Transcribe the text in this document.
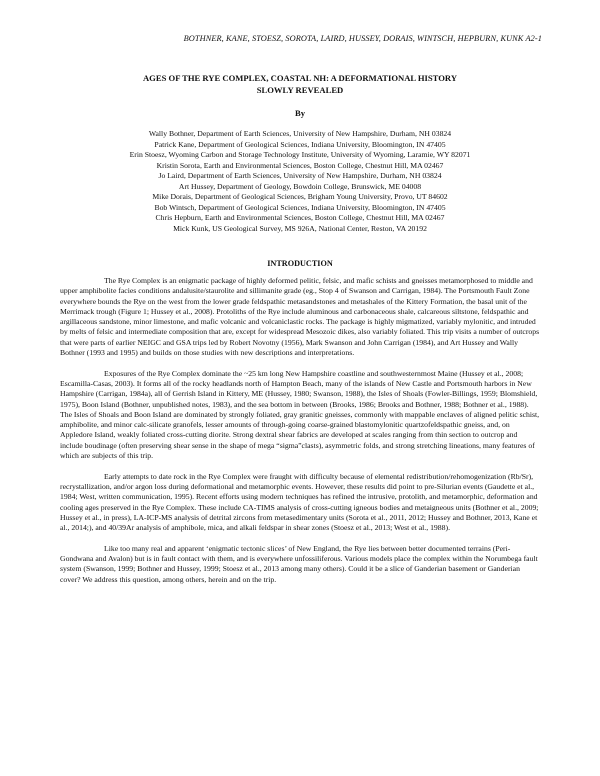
BOTHNER, KANE, STOESZ, SOROTA, LAIRD, HUSSEY, DORAIS, WINTSCH, HEPBURN, KUNK A2-1
AGES OF THE RYE COMPLEX, COASTAL NH: A DEFORMATIONAL HISTORY
SLOWLY REVEALED
By
Wally Bothner, Department of Earth Sciences, University of New Hampshire, Durham, NH 03824
Patrick Kane, Department of Geological Sciences, Indiana University, Bloomington, IN 47405
Erin Stoesz, Wyoming Carbon and Storage Technology Institute, University of Wyoming, Laramie, WY 82071
Kristin Sorota, Earth and Environmental Sciences, Boston College, Chestnut Hill, MA 02467
Jo Laird, Department of Earth Sciences, University of New Hampshire, Durham, NH 03824
Art Hussey, Department of Geology, Bowdoin College, Brunswick, ME 04008
Mike Dorais, Department of Geological Sciences, Brigham Young University, Provo, UT 84602
Bob Wintsch, Department of Geological Sciences, Indiana University, Bloomington, IN 47405
Chris Hepburn, Earth and Environmental Sciences, Boston College, Chestnut Hill, MA 02467
Mick Kunk, US Geological Survey, MS 926A, National Center, Reston, VA 20192
INTRODUCTION

The Rye Complex is an enigmatic package of highly deformed pelitic, felsic, and mafic schists and gneisses metamorphosed to middle and upper amphibolite facies conditions andalusite/staurolite and sillimanite grade (eg., Stop 4 of Swanson and Carrigan, 1984). The Portsmouth Fault Zone everywhere bounds the Rye on the west from the lower grade feldspathic metasandstones and metashales of the Kittery Formation, the basal unit of the Merrimack trough (Figure 1; Hussey et al., 2008). Protoliths of the Rye include aluminous and carbonaceous shale, calcareous siltstone, feldspathic and argillaceous sandstone, minor limestone, and mafic volcanic and volcaniclastic rocks. The package is highly migmatized, variably mylonitic, and intruded by melts of felsic and intermediate composition that are, except for widespread Mesozoic dikes, also variably foliated. This trip visits a number of outcrops that were parts of earlier NEIGC and GSA trips led by Robert Novotny (1956), Mark Swanson and John Carrigan (1984), and Art Hussey and Wally Bothner (1993 and 1995) and builds on those studies with new descriptions and interpretations.

Exposures of the Rye Complex dominate the ~25 km long New Hampshire coastline and southwesternmost Maine (Hussey et al., 2008; Escamilla-Casas, 2003). It forms all of the rocky headlands north of Hampton Beach, many of the islands of New Castle and Portsmouth harbors in New Hampshire (Carrigan, 1984a), all of Gerrish Island in Kittery, ME (Hussey, 1980; Swanson, 1988), the Isles of Shoals (Fowler-Billings, 1959; Blomshield, 1975), Boon Island (Bothner, unpublished notes, 1983), and the sea bottom in between (Brooks, 1986; Brooks and Bothner, 1988; Bothner et al., 1988). The Isles of Shoals and Boon Island are dominated by strongly foliated, gray granitic gneisses, commonly with mappable enclaves of aligned pelitic schist, amphibolite, and minor calc-silicate granofels, lesser amounts of through-going coarse-grained blastomylonitic quartzofeldspathic gneiss, and, on Appledore Island, weakly foliated cross-cutting diorite. Strong dextral shear fabrics are developed at scales ranging from thin section to outcrop and include boudinage (often preserving shear sense in the shape of mega “sigma”clasts), asymmetric folds, and strong stretching lineations, many features of which are subjects of this trip.

Early attempts to date rock in the Rye Complex were fraught with difficulty because of elemental redistribution/rehomogenization (Rb/Sr), recrystallization, and/or argon loss during deformational and metamorphic events. However, these results did point to pre-Silurian events (Gaudette et al., 1984; West, written communication, 1995). Recent efforts using modern techniques has refined the intrusive, protolith, and metamorphic, deformation and cooling ages preserved in the Rye Complex. These include CA-TIMS analysis of cross-cutting igneous bodies and metaigneous units (Bothner et al., 2009; Hussey et al., in press), LA-ICP-MS analysis of detrital zircons from metasedimentary units (Sorota et al., 2011, 2012; Hussey and Bothner, 2013, Kane et al., 2014;), and 40/39Ar analysis of amphibole, mica, and alkali feldspar in shear zones (Stoesz et al., 2013; West et al., 1988).

Like too many real and apparent ‘enigmatic tectonic slices’ of New England, the Rye lies between better documented terrains (Peri-Gondwana and Avalon) but is in fault contact with them, and is everywhere unfossiliferous. Various models place the complex within the Norumbega fault system (Swanson, 1999; Bothner and Hussey, 1999; Stoesz et al., 2013 among many others). Could it be a slice of Ganderian basement or Ganderian cover? We address this question, among others, herein and on the trip.
